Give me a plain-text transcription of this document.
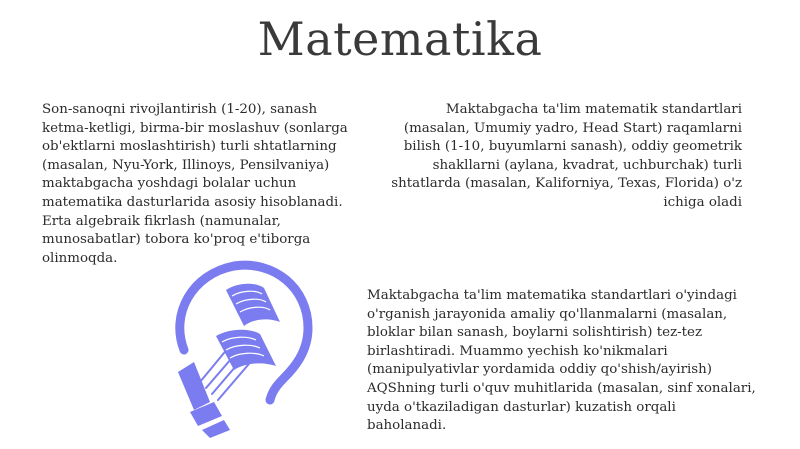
Matematika

Son-sanoqni rivojlantirish (1-20), sanash ketma-ketligi, birma-bir moslashuv (sonlarga ob'ektlarni moslashtirish) turli shtatlarning (masalan, Nyu-York, Illinoys, Pensilvaniya) maktabgacha yoshdagi bolalar uchun matematika dasturlarida asosiy hisoblanadi. Erta algebraik fikrlash (namunalar, munosabatlar) tobora ko'proq e'tiborga olinmoqda.

Maktabgacha ta'lim matematik standartlari (masalan, Umumiy yadro, Head Start) raqamlarni bilish (1-10, buyumlarni sanash), oddiy geometrik shakllarni (aylana, kvadrat, uchburchak) turli shtatlarda (masalan, Kaliforniya, Texas, Florida) o'z ichiga oladi

Maktabgacha ta'lim matematika standartlari o'yindagi o'rganish jarayonida amaliy qo'llanmalarni (masalan, bloklar bilan sanash, boylarni solishtirish) tez-tez birlashtiradi. Muammo yechish ko'nikmalari (manipulyativlar yordamida oddiy qo'shish/ayirish) AQShning turli o'quv muhitlarida (masalan, sinf xonalari, uyda o'tkaziladigan dasturlar) kuzatish orqali baholanadi.
